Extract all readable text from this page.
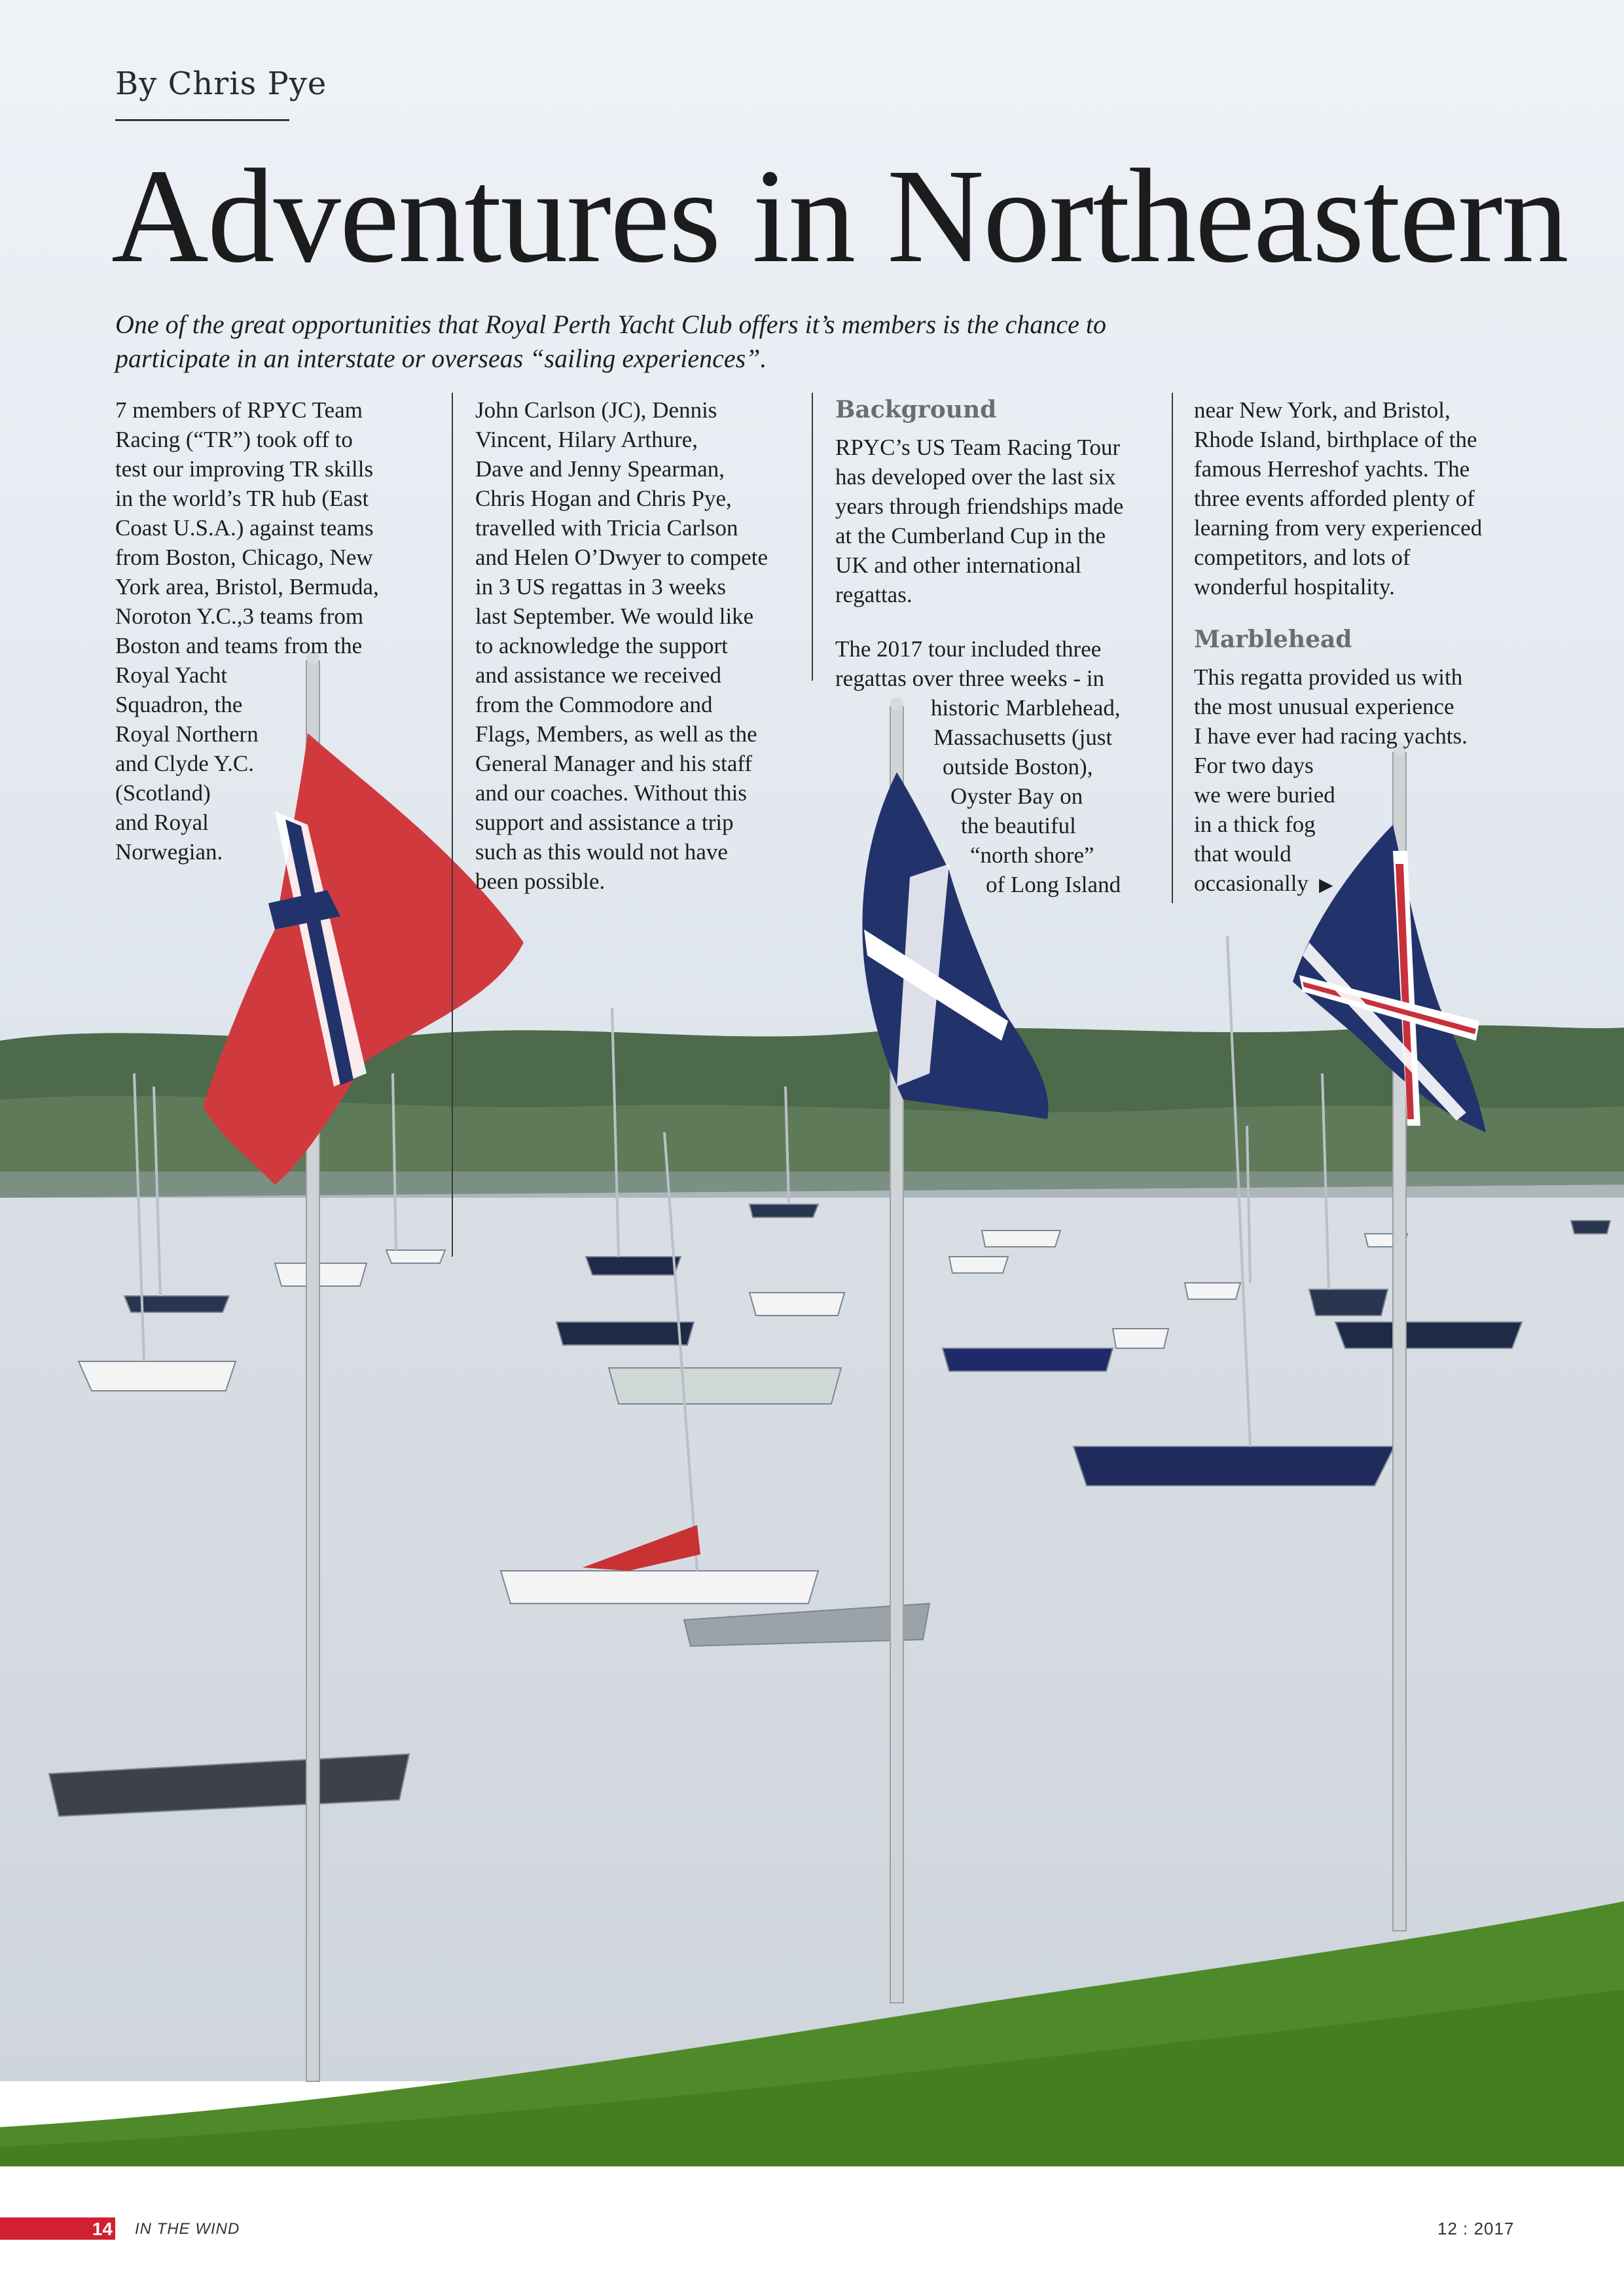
By Chris Pye
Adventures in Northeastern
One of the great opportunities that Royal Perth Yacht Club offers it’s members is the chance to participate in an interstate or overseas “sailing experiences”.

7 members of RPYC Team
Racing (“TR”) took off to
test our improving TR skills
in the world’s TR hub (East
Coast U.S.A.) against teams
from Boston, Chicago, New
York area, Bristol, Bermuda,
Noroton Y.C.,3 teams from
Boston and teams from the
Royal Yacht
Squadron, the
Royal Northern
and Clyde Y.C.
(Scotland)
and Royal
Norwegian.

John Carlson (JC), Dennis
Vincent, Hilary Arthure,
Dave and Jenny Spearman,
Chris Hogan and Chris Pye,
travelled with Tricia Carlson
and Helen O’Dwyer to compete
in 3 US regattas in 3 weeks
last September. We would like
to acknowledge the support
and assistance we received
from the Commodore and
Flags, Members, as well as the
General Manager and his staff
and our coaches. Without this
support and assistance a trip
such as this would not have
been possible.

Background

RPYC’s US Team Racing Tour
has developed over the last six
years through friendships made
at the Cumberland Cup in the
UK and other international
regattas.

The 2017 tour included three
regattas over three weeks - in
historic Marblehead,
Massachusetts (just
outside Boston),
Oyster Bay on
the beautiful
“north shore”
of Long Island

near New York, and Bristol,
Rhode Island, birthplace of the
famous Herreshof yachts. The
three events afforded plenty of
learning from very experienced
competitors, and lots of
wonderful hospitality.

Marblehead

This regatta provided us with
the most unusual experience
I have ever had racing yachts.
For two days
we were buried
in a thick fog
that would
occasionally ▶

14 IN THE WIND	12 : 2017
